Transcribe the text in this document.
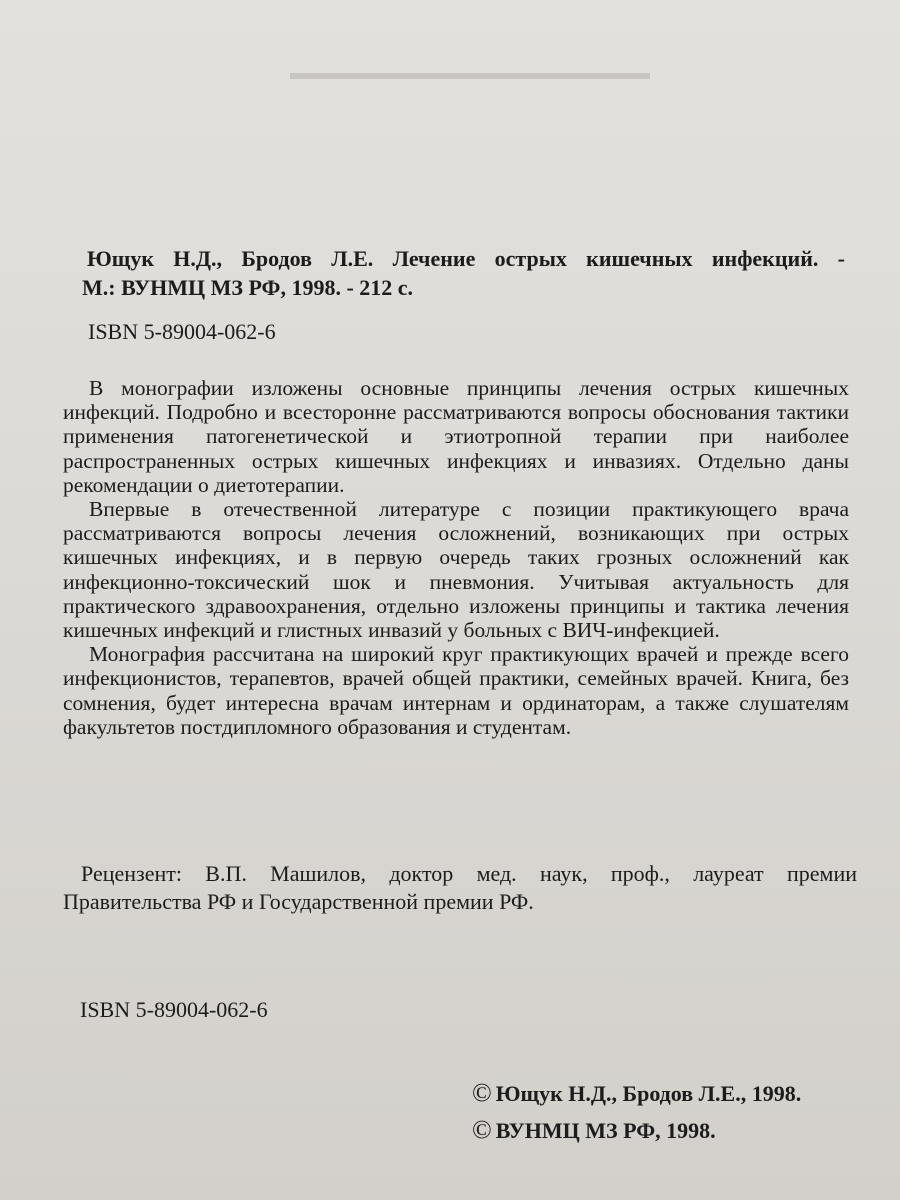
▬▬▬▬▬▬▬▬▬▬▬▬▬▬▬▬▬▬
Ющук Н.Д., Бродов Л.Е. Лечение острых кишечных инфекций. -
М.: ВУНМЦ МЗ РФ, 1998. - 212 с.
ISBN 5-89004-062-6

В монографии изложены основные принципы лечения острых кишечных инфекций. Подробно и всесторонне рассматриваются вопросы обоснования тактики применения патогенетической и этиотропной терапии при наиболее распространенных острых кишечных инфекциях и инвазиях. Отдельно даны рекомендации о диетотерапии.

Впервые в отечественной литературе с позиции практикующего врача рассматриваются вопросы лечения осложнений, возникающих при острых кишечных инфекциях, и в первую очередь таких грозных осложнений как инфекционно-токсический шок и пневмония. Учитывая актуальность для практического здравоохранения, отдельно изложены принципы и тактика лечения кишечных инфекций и глистных инвазий у больных с ВИЧ-инфекцией.

Монография рассчитана на широкий круг практикующих врачей и прежде всего инфекционистов, терапевтов, врачей общей практики, семейных врачей. Книга, без сомнения, будет интересна врачам интернам и ординаторам, а также слушателям факультетов постдипломного образования и студентам.

Рецензент: В.П. Машилов, доктор мед. наук, проф., лауреат премии Правительства РФ и Государственной премии РФ.

ISBN 5-89004-062-6
© Ющук Н.Д., Бродов Л.Е., 1998.
© ВУНМЦ МЗ РФ, 1998.
